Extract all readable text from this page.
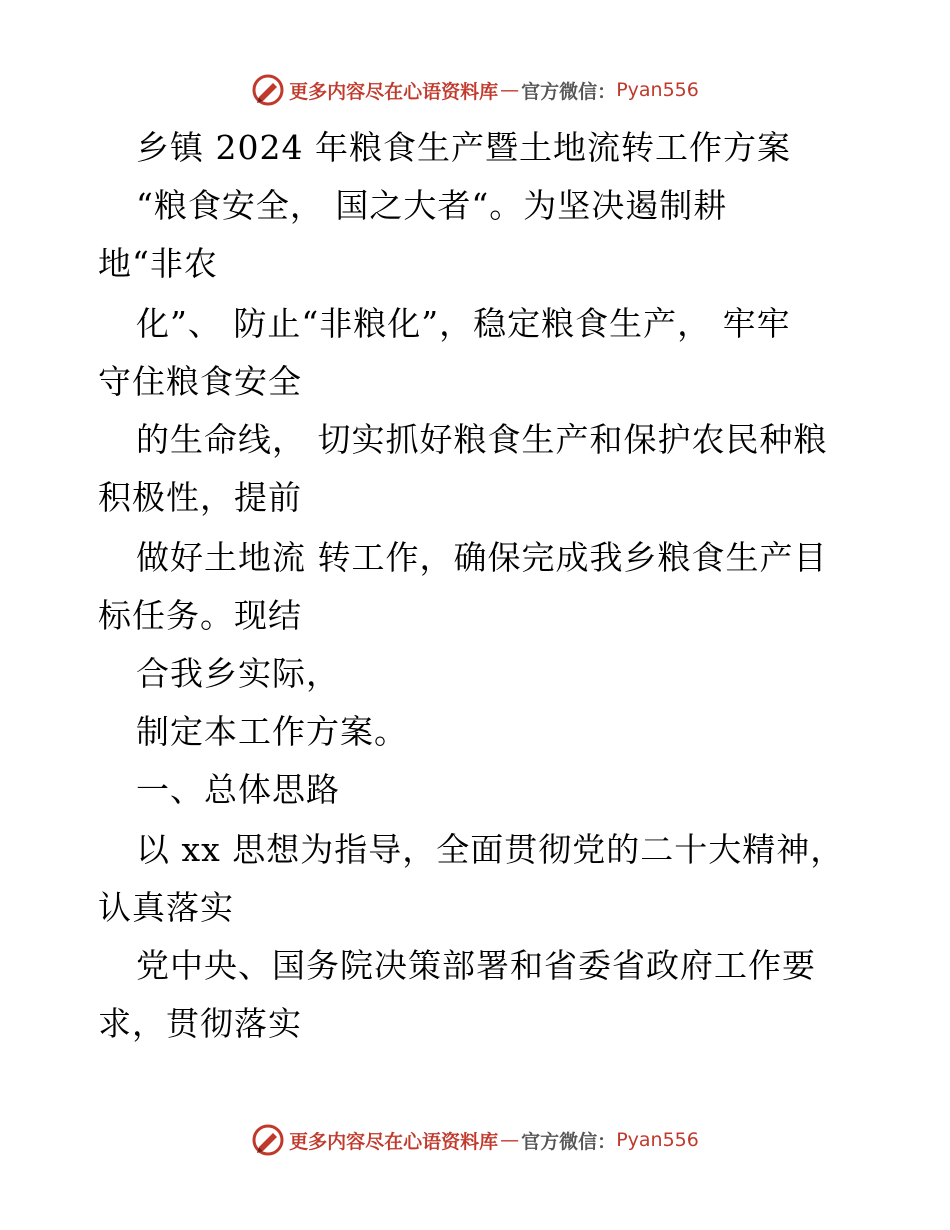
更多内容尽在心语资料库 — 官方微信： Pyan556
乡镇 2024 年粮食生产暨土地流转工作方案
“粮食安全， 国之大者“。为坚决遏制耕
地“非农
化”、 防止“非粮化”，稳定粮食生产， 牢牢
守住粮食安全
的生命线， 切实抓好粮食生产和保护农民种粮
积极性，提前
做好土地流 转工作，确保完成我乡粮食生产目
标任务。现结
合我乡实际，
制定本工作方案。
一、总体思路
以 xx 思想为指导，全面贯彻党的二十大精神，
认真落实
党中央、国务院决策部署和省委省政府工作要
求，贯彻落实
更多内容尽在心语资料库 — 官方微信： Pyan556
